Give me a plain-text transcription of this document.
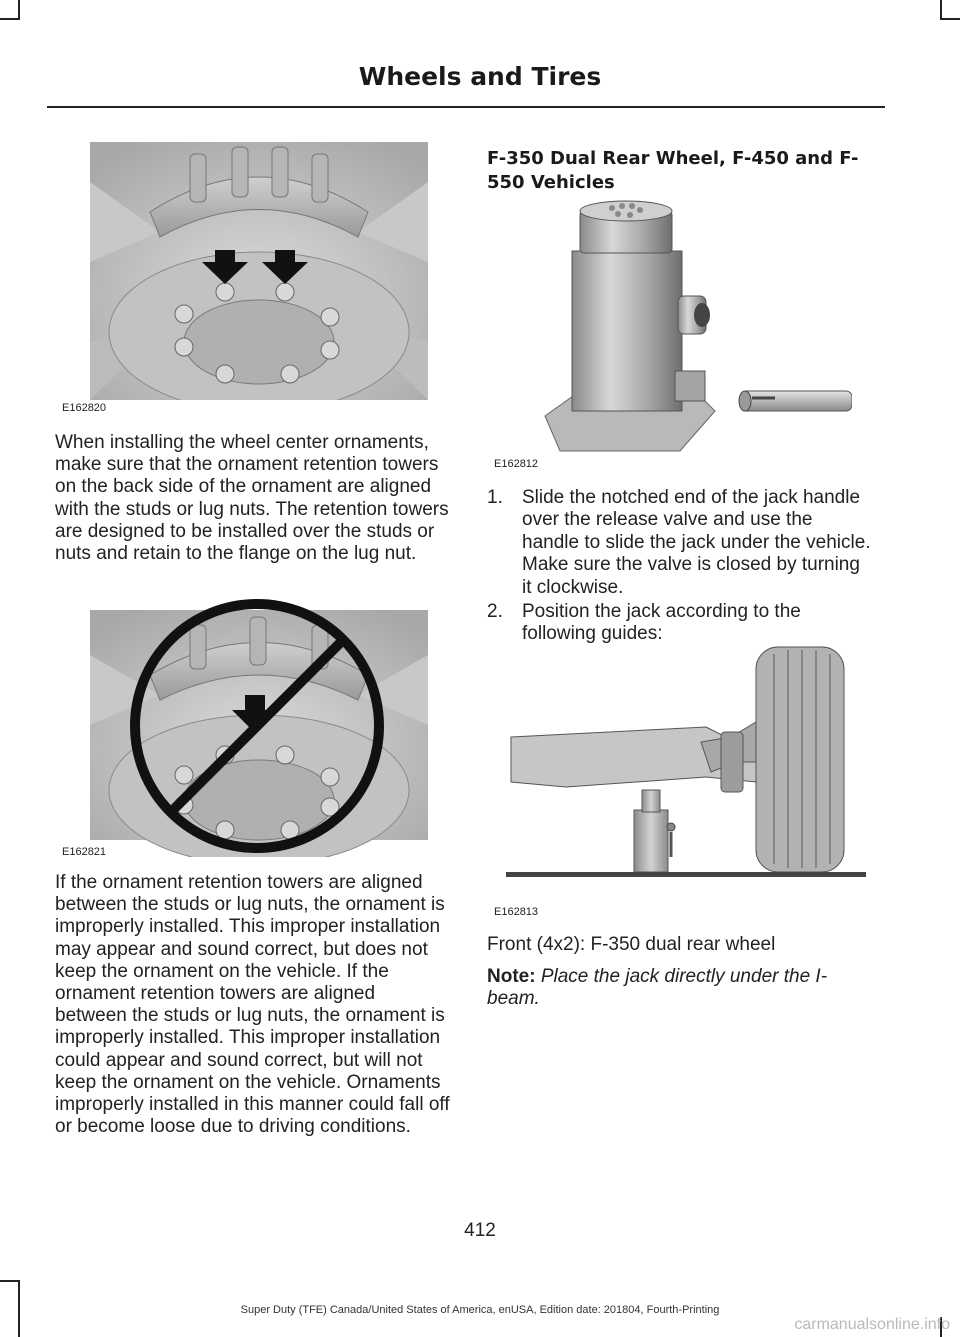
Wheels and Tires
E162820

When installing the wheel center ornaments, make sure that the ornament retention towers on the back side of the ornament are aligned with the studs or lug nuts. The retention towers are designed to be installed over the studs or nuts and retain to the flange on the lug nut.

E162821

If the ornament retention towers are aligned between the studs or lug nuts, the ornament is improperly installed. This improper installation may appear and sound correct, but does not keep the ornament on the vehicle. If the ornament retention towers are aligned between the studs or lug nuts, the ornament is improperly installed. This improper installation could appear and sound correct, but will not keep the ornament on the vehicle. Ornaments improperly installed in this manner could fall off or become loose due to driving conditions.

F-350 Dual Rear Wheel, F-450 and F-550 Vehicles
E162812
1.	Slide the notched end of the jack handle over the release valve and use the handle to slide the jack under the vehicle. Make sure the valve is closed by turning it clockwise.
2.	Position the jack according to the following guides:
E162813
Front (4x2): F-350 dual rear wheel
Note: Place the jack directly under the I-beam.
412
Super Duty (TFE) Canada/United States of America, enUSA, Edition date: 201804, Fourth-Printing
carmanualsonline.info
